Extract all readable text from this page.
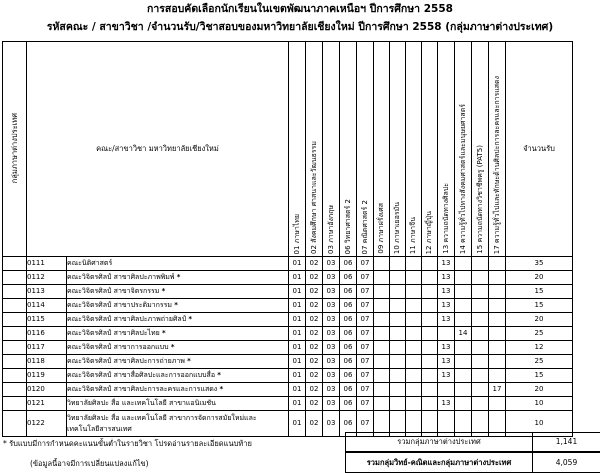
การสอบคัดเลือกนักเรียนในเขตพัฒนาภาคเหนือฯ ปีการศึกษา 2558
รหัสคณะ / สาขาวิชา /จำนวนรับ/วิชาสอบของมหาวิทยาลัยเชียงใหม่ ปีการศึกษา 2558 (กลุ่มภาษาต่างประเทศ)
กลุ่มภาษาต่างประเทศ	คณะ/สาขาวิชา มหาวิทยาลัยเชียงใหม่		01 ภาษาไทย	02 สังคมศึกษา ศาสนาและวัฒนธรรม	03 ภาษาอังกฤษ	06 วิทยาศาสตร์ 2	07 คณิตศาสตร์ 2	09 ภาษาฝรั่งเศส	10 ภาษาเยอรมัน	11 ภาษาจีน	12 ภาษาญี่ปุ่น	13 ความถนัดทางศิลปะ	14 ความรู้ทั่วไปทางสังคมศาสตร์และมนุษยศาสตร์	15 ความถนัดทางวิชาชีพครู (PAT5)	17 ความรู้ทั่วไปและทักษะด้านศิลปะการละครและการแสดง	จำนวนรับ
	0111	คณะนิติศาสตร์	01	02	03	06	07					13				35
	0112	คณะวิจิตรศิลป์ สาขาศิลปะภาพพิมพ์ *	01	02	03	06	07					13				20
	0113	คณะวิจิตรศิลป์ สาขาจิตรกรรม *	01	02	03	06	07					13				15
	0114	คณะวิจิตรศิลป์ สาขาประติมากรรม *	01	02	03	06	07					13				15
	0115	คณะวิจิตรศิลป์ สาขาศิลปะภาพถ่ายศิลป์ *	01	02	03	06	07					13				20
	0116	คณะวิจิตรศิลป์ สาขาศิลปะไทย *	01	02	03	06	07						14			25
	0117	คณะวิจิตรศิลป์ สาขาการออกแบบ *	01	02	03	06	07					13				12
	0118	คณะวิจิตรศิลป์ สาขาศิลปะการถ่ายภาพ *	01	02	03	06	07					13				25
	0119	คณะวิจิตรศิลป์ สาขาสื่อศิลปะและการออกแบบสื่อ *	01	02	03	06	07					13				15
	0120	คณะวิจิตรศิลป์ สาขาศิลปะการละครและการแสดง *	01	02	03	06	07								17	20
	0121	วิทยาลัยศิลปะ สื่อ และเทคโนโลยี สาขาแอนิเมชัน	01	02	03	06	07					13				10
	0122	วิทยาลัยศิลปะ สื่อ และเทคโนโลยี สาขาการจัดการสมัยใหม่และเทคโนโลยีสารสนเทศ	01	02	03	06	07									10
* รับแบบมีการกำหนดคะแนนขั้นต่ำในรายวิชา โปรดอ่านรายละเอียดแนบท้าย
(ข้อมูลนี้อาจมีการเปลี่ยนแปลงแก้ไข)
รวมกลุ่มภาษาต่างประเทศ	1,141
รวมกลุ่มวิทย์-คณิตและกลุ่มภาษาต่างประเทศ	4,059
